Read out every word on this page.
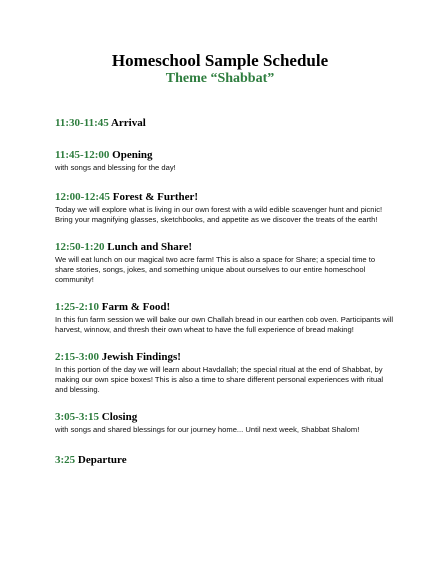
Homeschool Sample Schedule
Theme “Shabbat”

11:30-11:45 Arrival

11:45-12:00 Opening

with songs and blessing for the day!

12:00-12:45 Forest & Further!

Today we will explore what is living in our own forest with a wild edible scavenger hunt and picnic! Bring your magnifying glasses, sketchbooks, and appetite as we discover the treats of the earth!

12:50-1:20 Lunch and Share!

We will eat lunch on our magical two acre farm! This is also a space for Share; a special time to share stories, songs, jokes, and something unique about ourselves to our entire homeschool community!

1:25-2:10 Farm & Food!

In this fun farm session we will bake our own Challah bread in our earthen cob oven. Participants will harvest, winnow, and thresh their own wheat to have the full experience of bread making!

2:15-3:00 Jewish Findings!

In this portion of the day we will learn about Havdallah; the special ritual at the end of Shabbat, by making our own spice boxes! This is also a time to share different personal experiences with ritual and blessing.

3:05-3:15 Closing

with songs and shared blessings for our journey home... Until next week, Shabbat Shalom!

3:25 Departure
